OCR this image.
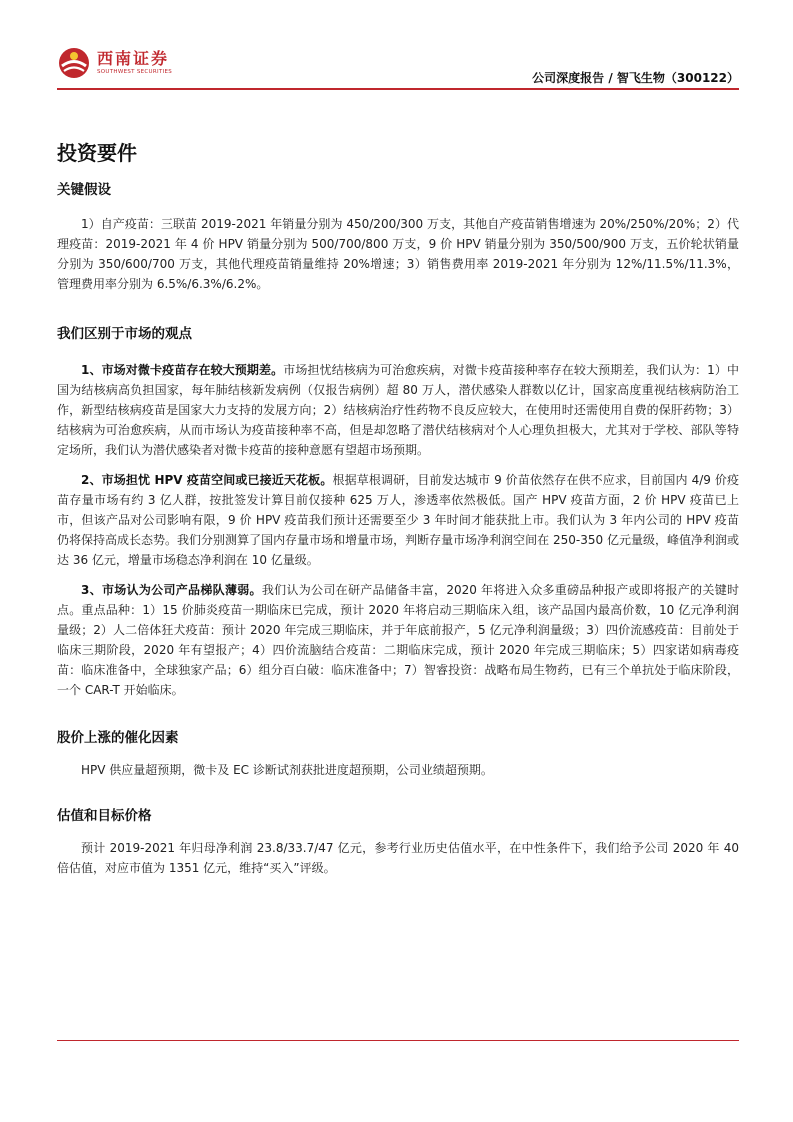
西南证券
SOUTHWEST SECURITIES	公司深度报告 / 智飞生物（300122）
投资要件
关键假设

1）自产疫苗：三联苗 2019-2021 年销量分别为 450/200/300 万支，其他自产疫苗销售增速为 20%/250%/20%；2）代理疫苗：2019-2021 年 4 价 HPV 销量分别为 500/700/800 万支，9 价 HPV 销量分别为 350/500/900 万支，五价轮状销量分别为 350/600/700 万支，其他代理疫苗销量维持 20%增速；3）销售费用率 2019-2021 年分别为 12%/11.5%/11.3%，管理费用率分别为 6.5%/6.3%/6.2%。

我们区别于市场的观点

1、市场对微卡疫苗存在较大预期差。市场担忧结核病为可治愈疾病，对微卡疫苗接种率存在较大预期差，我们认为：1）中国为结核病高负担国家，每年肺结核新发病例（仅报告病例）超 80 万人，潜伏感染人群数以亿计，国家高度重视结核病防治工作，新型结核病疫苗是国家大力支持的发展方向；2）结核病治疗性药物不良反应较大，在使用时还需使用自费的保肝药物；3）结核病为可治愈疾病，从而市场认为疫苗接种率不高，但是却忽略了潜伏结核病对个人心理负担极大，尤其对于学校、部队等特定场所，我们认为潜伏感染者对微卡疫苗的接种意愿有望超市场预期。

2、市场担忧 HPV 疫苗空间或已接近天花板。根据草根调研，目前发达城市 9 价苗依然存在供不应求，目前国内 4/9 价疫苗存量市场有约 3 亿人群，按批签发计算目前仅接种 625 万人，渗透率依然极低。国产 HPV 疫苗方面，2 价 HPV 疫苗已上市，但该产品对公司影响有限，9 价 HPV 疫苗我们预计还需要至少 3 年时间才能获批上市。我们认为 3 年内公司的 HPV 疫苗仍将保持高成长态势。我们分别测算了国内存量市场和增量市场，判断存量市场净利润空间在 250-350 亿元量级，峰值净利润或达 36 亿元，增量市场稳态净利润在 10 亿量级。

3、市场认为公司产品梯队薄弱。我们认为公司在研产品储备丰富，2020 年将进入众多重磅品种报产或即将报产的关键时点。重点品种：1）15 价肺炎疫苗一期临床已完成，预计 2020 年将启动三期临床入组，该产品国内最高价数，10 亿元净利润量级；2）人二倍体狂犬疫苗：预计 2020 年完成三期临床，并于年底前报产，5 亿元净利润量级；3）四价流感疫苗：目前处于临床三期阶段，2020 年有望报产；4）四价流脑结合疫苗：二期临床完成，预计 2020 年完成三期临床；5）四家诺如病毒疫苗：临床准备中，全球独家产品；6）组分百白破：临床准备中；7）智睿投资：战略布局生物药，已有三个单抗处于临床阶段，一个 CAR-T 开始临床。

股价上涨的催化因素

HPV 供应量超预期，微卡及 EC 诊断试剂获批进度超预期，公司业绩超预期。

估值和目标价格

预计 2019-2021 年归母净利润 23.8/33.7/47 亿元，参考行业历史估值水平，在中性条件下，我们给予公司 2020 年 40 倍估值，对应市值为 1351 亿元，维持“买入”评级。
